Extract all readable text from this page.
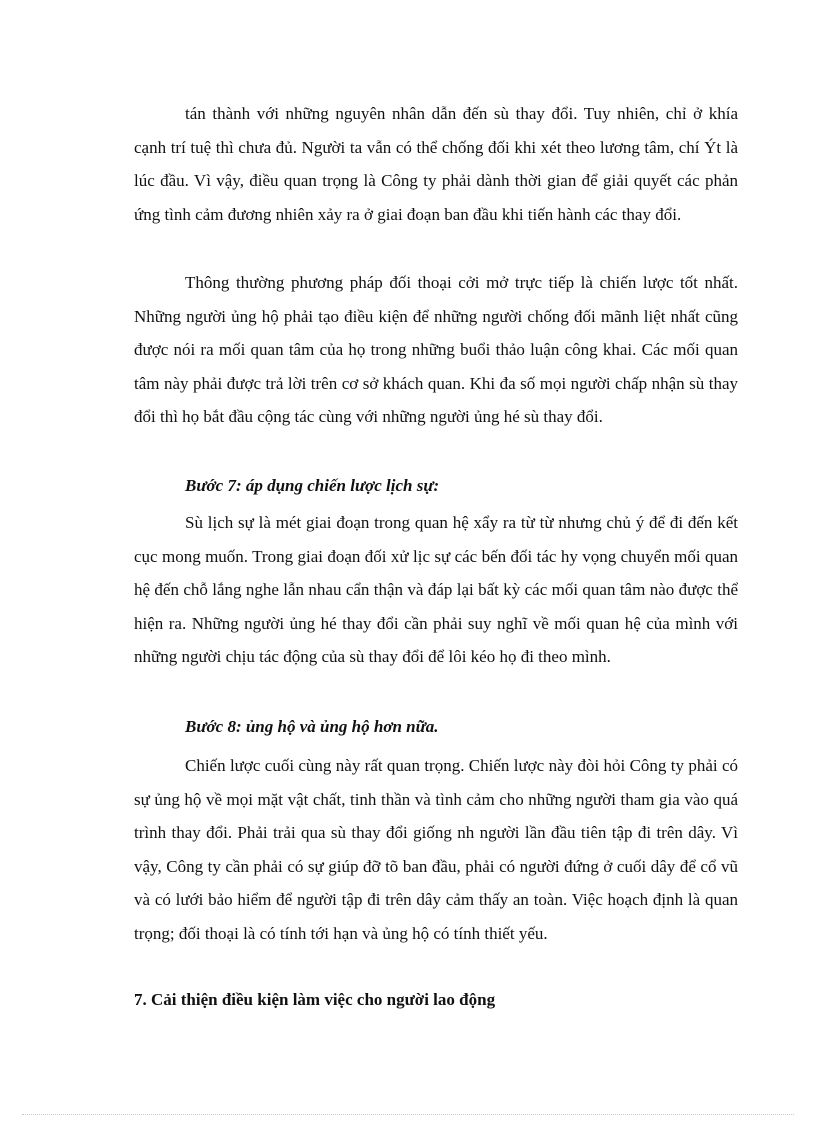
tán thành với những nguyên nhân dẫn đến sù thay đổi. Tuy nhiên, chỉ ở khía cạnh trí tuệ thì chưa đủ. Người ta vẫn có thể chống đối khi xét theo lương tâm, chí Ýt là lúc đầu. Vì vậy, điều quan trọng là Công ty phải dành thời gian để giải quyết các phản ứng tình cảm đương nhiên xảy ra ở giai đoạn ban đầu khi tiến hành các thay đổi.

Thông thường phương pháp đối thoại cởi mở trực tiếp là chiến lược tốt nhất. Những người ủng hộ phải tạo điều kiện để những người chống đối mãnh liệt nhất cũng được nói ra mối quan tâm của họ trong những buổi thảo luận công khai. Các mối quan tâm này phải được trả lời trên cơ sở khách quan. Khi đa số mọi người chấp nhận sù thay đổi thì họ bắt đầu cộng tác cùng với những người ủng hé sù thay đổi.

Bước 7: áp dụng chiến lược lịch sự:

Sù lịch sự là mét giai đoạn trong quan hệ xẩy ra từ từ nhưng chủ ý để đi đến kết cục mong muốn. Trong giai đoạn đối xử lịc sự các bến đối tác hy vọng chuyển mối quan hệ đến chỗ lắng nghe lẫn nhau cẩn thận và đáp lại bất kỳ các mối quan tâm nào được thể hiện ra. Những người ủng hé thay đổi cần phải suy nghĩ về mối quan hệ của mình với những người chịu tác động của sù thay đổi để lôi kéo họ đi theo mình.

Bước 8: ủng hộ và ủng hộ hơn nữa.

Chiến lược cuối cùng này rất quan trọng. Chiến lược này đòi hỏi Công ty phải có sự ủng hộ về mọi mặt vật chất, tinh thần và tình cảm cho những người tham gia vào quá trình thay đổi. Phải trải qua sù thay đổi giống nh người lần đầu tiên tập đi trên dây. Vì vậy, Công ty cần phải có sự giúp đỡ tõ ban đầu, phải có người đứng ở cuối dây để cổ vũ và có lưới bảo hiểm để người tập đi trên dây cảm thấy an toàn. Việc hoạch định là quan trọng; đối thoại là có tính tới hạn và ủng hộ có tính thiết yếu.

7. Cải thiện điều kiện làm việc cho người lao động
